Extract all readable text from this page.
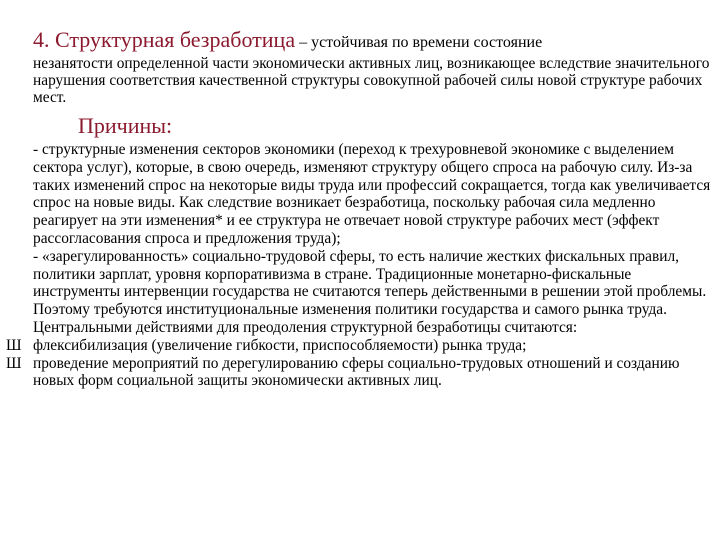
4. Структурная безработица – устойчивая по времени состояние
незанятости определенной части экономически активных лиц, возникающее вследствие значительного нарушения соответствия качественной структуры совокупной рабочей силы новой структуре рабочих мест.
Причины:

- структурные изменения секторов экономики (переход к трехуровневой экономике с выделением сектора услуг), которые, в свою очередь, изменяют структуру общего спроса на рабочую силу. Из-за таких изменений спрос на некоторые виды труда или профессий сокращается, тогда как увеличивается спрос на новые виды. Как следствие возникает безработица, поскольку рабочая сила медленно реагирует на эти изменения* и ее структура не отвечает новой структуре рабочих мест (эффект рассогласования спроса и предложения труда);

- «зарегулированность» социально-трудовой сферы, то есть наличие жестких фискальных правил, политики зарплат, уровня корпоративизма в стране. Традиционные монетарно-фискальные инструменты интервенции государства не считаются теперь действенными в решении этой проблемы. Поэтому требуются институциональные изменения политики государства и самого рынка труда. Центральными действиями для преодоления структурной безработицы считаются:

Ш флексибилизация (увеличение гибкости, приспособляемости) рынка труда;

Ш проведение мероприятий по дерегулированию сферы социально-трудовых отношений и созданию новых форм социальной защиты экономически активных лиц.
